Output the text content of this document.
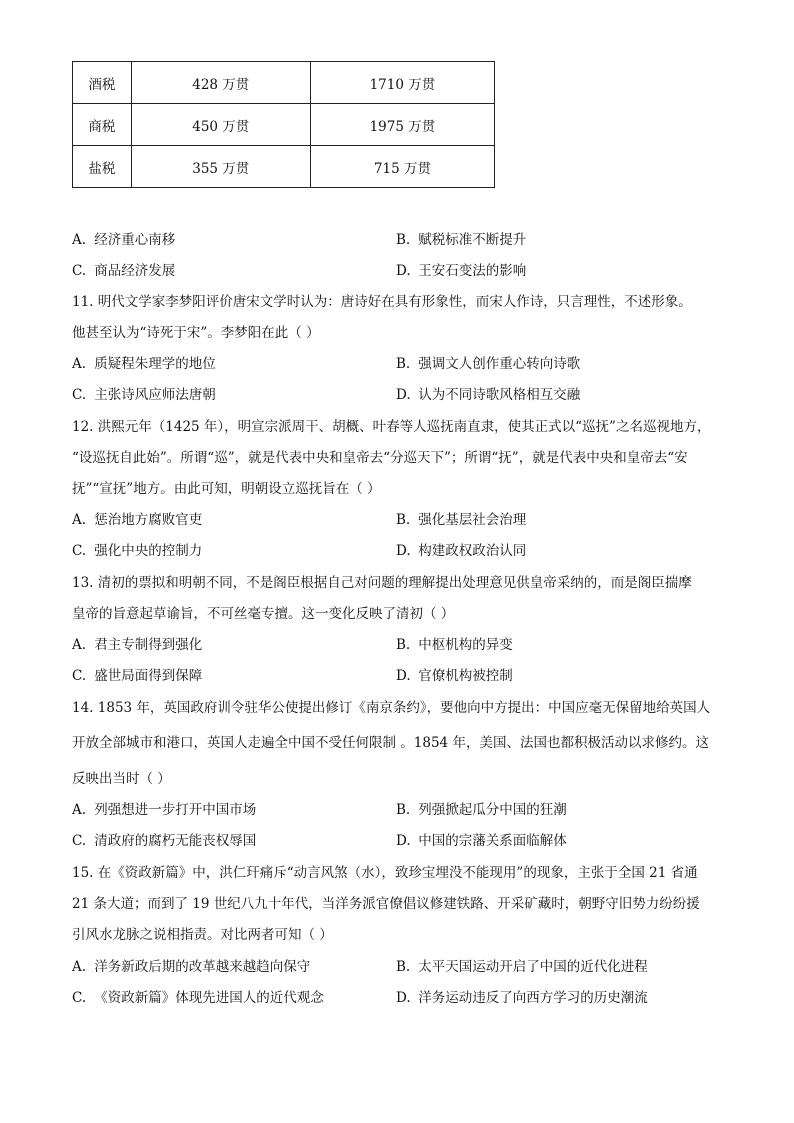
酒税	428 万贯	1710 万贯
商税	450 万贯	1975 万贯
盐税	355 万贯	715 万贯
A. 经济重心南移	B. 赋税标准不断提升
C. 商品经济发展	D. 王安石变法的影响
11. 明代文学家李梦阳评价唐宋文学时认为：唐诗好在具有形象性，而宋人作诗，只言理性，不述形象。
他甚至认为“诗死于宋”。李梦阳在此（ ）
A. 质疑程朱理学的地位	B. 强调文人创作重心转向诗歌
C. 主张诗风应师法唐朝	D. 认为不同诗歌风格相互交融
12. 洪熙元年（1425 年），明宣宗派周干、胡概、叶春等人巡抚南直隶，使其正式以“巡抚”之名巡视地方，
“设巡抚自此始”。所谓“巡”，就是代表中央和皇帝去“分巡天下”；所谓“抚”，就是代表中央和皇帝去“安
抚”“宣抚”地方。由此可知，明朝设立巡抚旨在（ ）
A. 惩治地方腐败官吏	B. 强化基层社会治理
C. 强化中央的控制力	D. 构建政权政治认同
13. 清初的票拟和明朝不同，不是阁臣根据自己对问题的理解提出处理意见供皇帝采纳的，而是阁臣揣摩
皇帝的旨意起草谕旨，不可丝毫专擅。这一变化反映了清初（ ）
A. 君主专制得到强化	B. 中枢机构的异变
C. 盛世局面得到保障	D. 官僚机构被控制
14. 1853 年，英国政府训令驻华公使提出修订《南京条约》，要他向中方提出：中国应毫无保留地给英国人
开放全部城市和港口，英国人走遍全中国不受任何限制 。1854 年，美国、法国也都积极活动以求修约。这
反映出当时（ ）
A. 列强想进一步打开中国市场	B. 列强掀起瓜分中国的狂潮
C. 清政府的腐朽无能丧权辱国	D. 中国的宗藩关系面临解体
15. 在《资政新篇》中，洪仁玕痛斥“动言风煞（水），致珍宝埋没不能现用”的现象，主张于全国 21 省通
21 条大道；而到了 19 世纪八九十年代，当洋务派官僚倡议修建铁路、开采矿藏时，朝野守旧势力纷纷援
引风水龙脉之说相指责。对比两者可知（ ）
A. 洋务新政后期的改革越来越趋向保守	B. 太平天国运动开启了中国的近代化进程
C. 《资政新篇》体现先进国人的近代观念	D. 洋务运动违反了向西方学习的历史潮流
